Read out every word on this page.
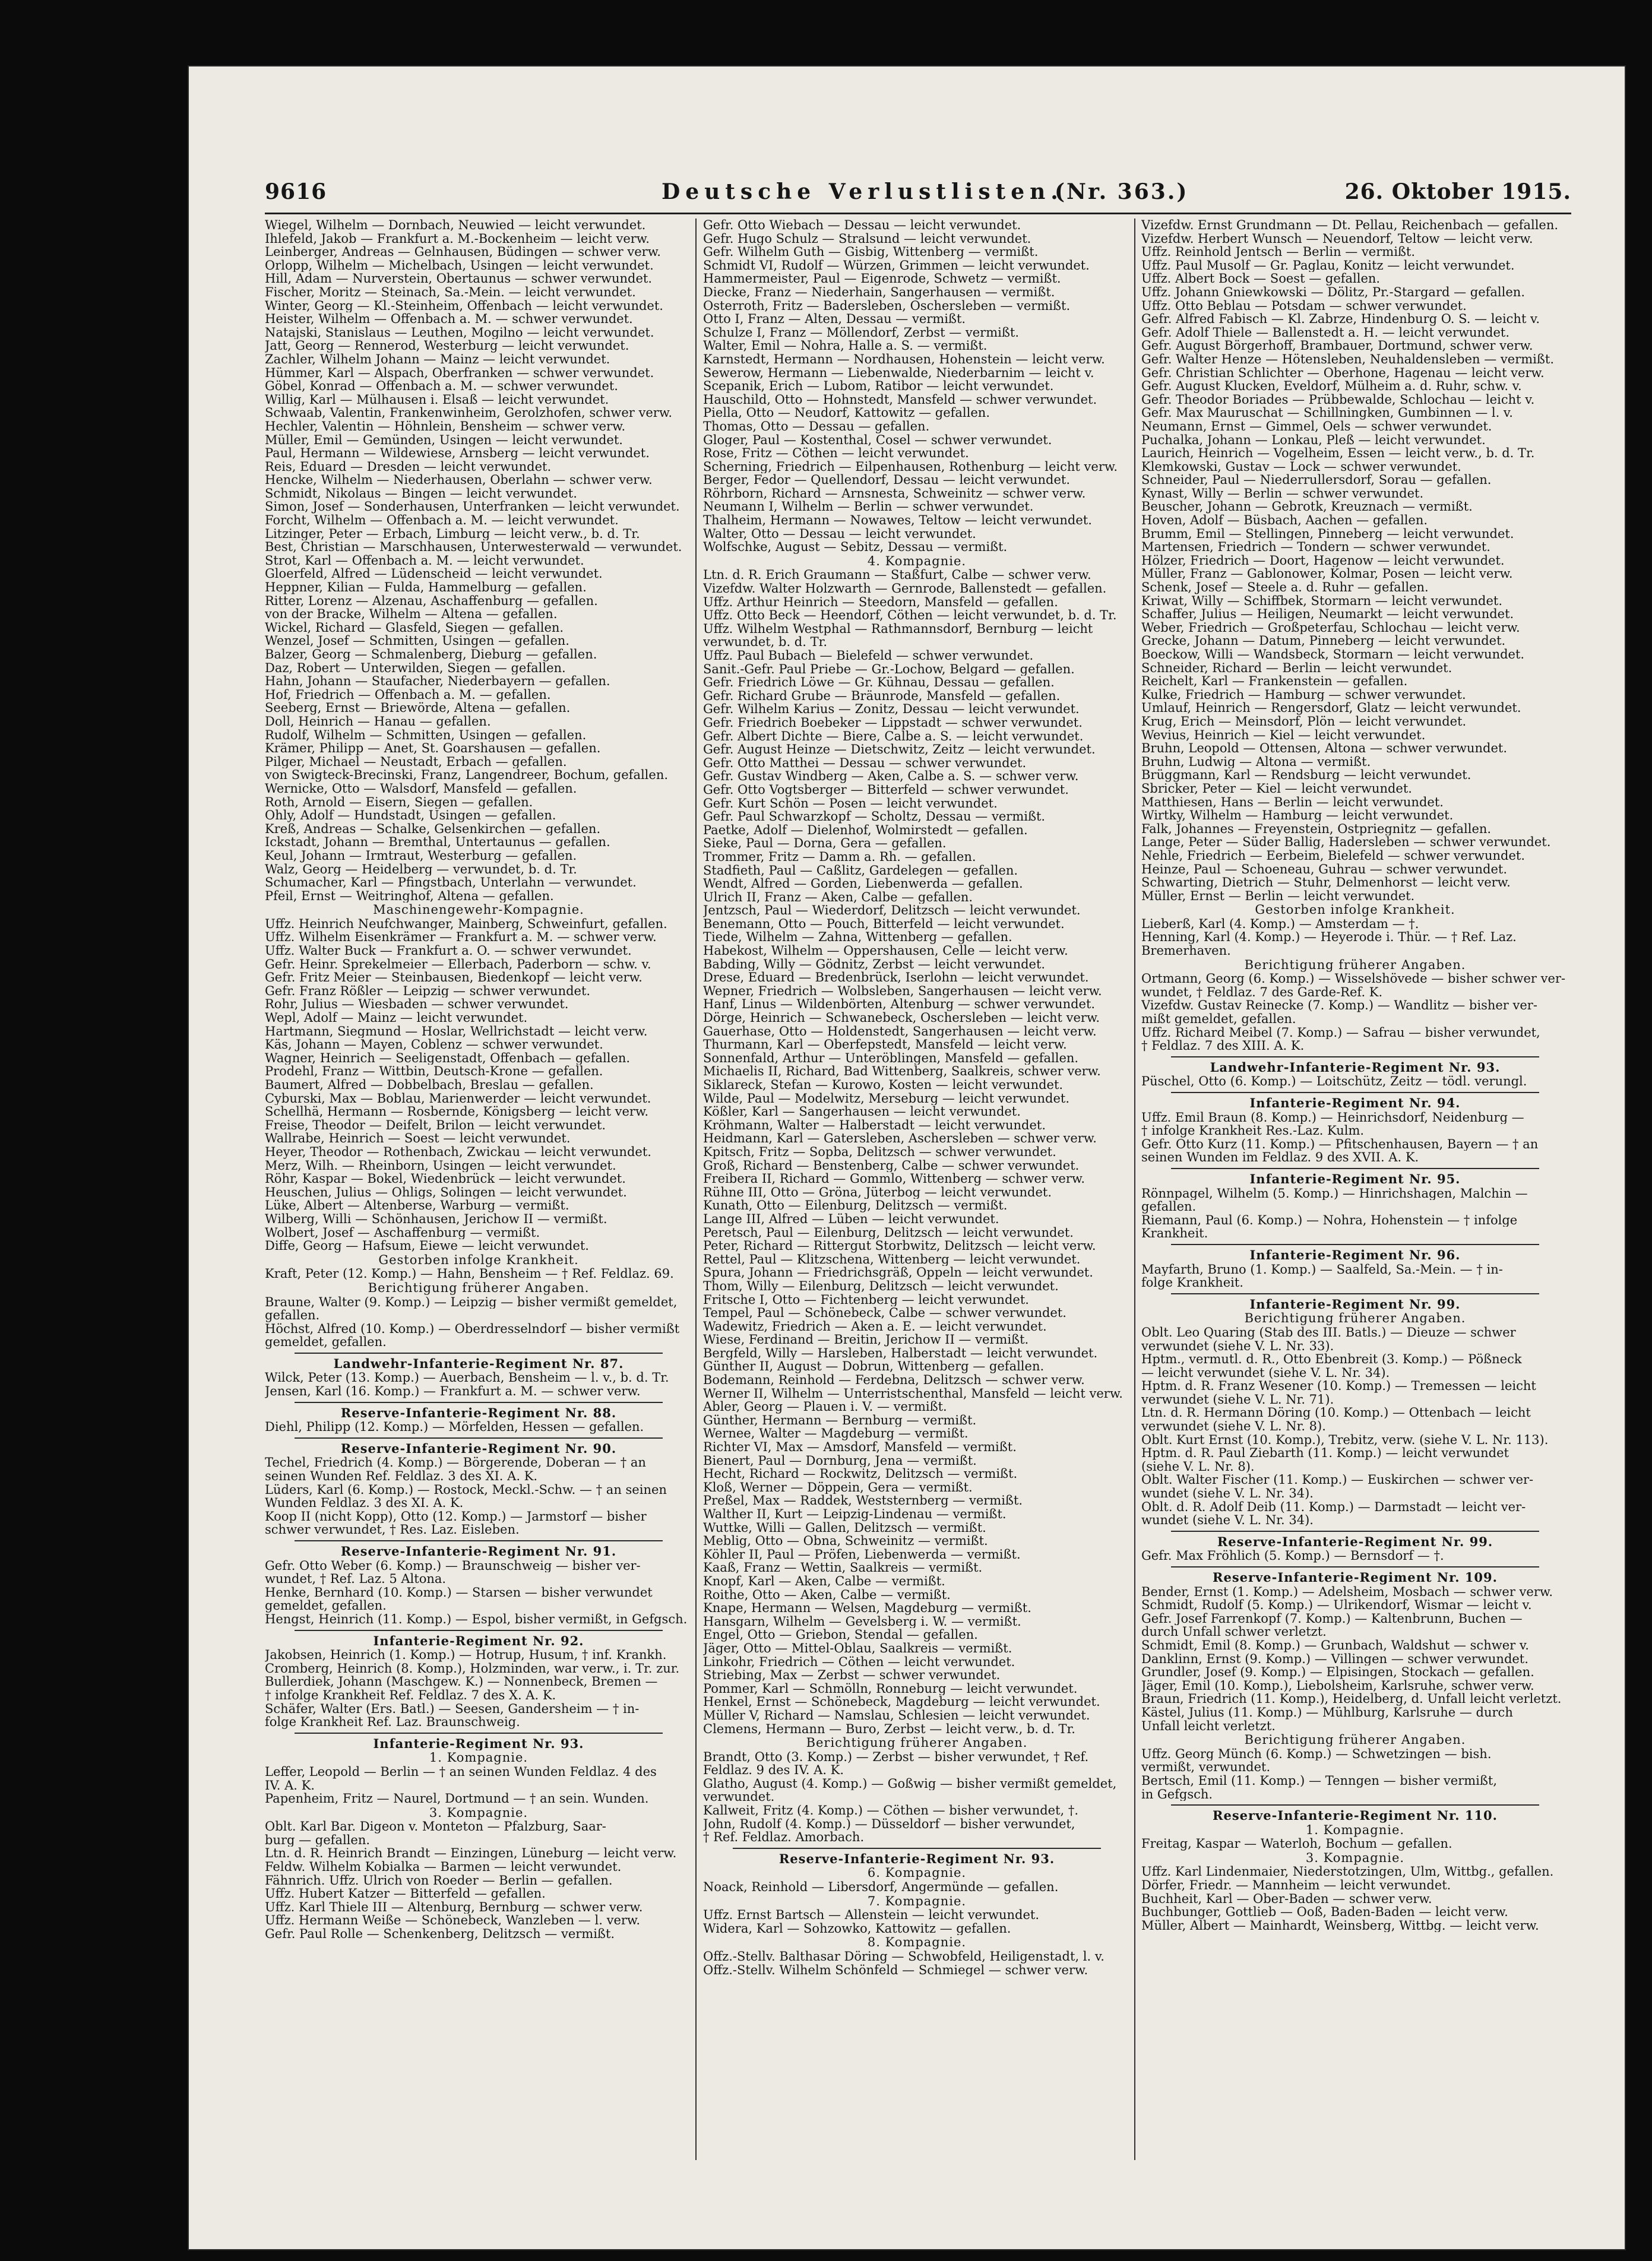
9616	Deutsche Verlustlisten.
(Nr. 363.)	26. Oktober 1915.
Wiegel, Wilhelm — Dornbach, Neuwied — leicht verwundet.
Ihlefeld, Jakob — Frankfurt a. M.-Bockenheim — leicht verw.
Leinberger, Andreas — Gelnhausen, Büdingen — schwer verw.
Orlopp, Wilhelm — Michelbach, Usingen — leicht verwundet.
Hill, Adam — Nurverstein, Obertaunus — schwer verwundet.
Fischer, Moritz — Steinach, Sa.-Mein. — leicht verwundet.
Winter, Georg — Kl.-Steinheim, Offenbach — leicht verwundet.
Heister, Wilhelm — Offenbach a. M. — schwer verwundet.
Natajski, Stanislaus — Leuthen, Mogilno — leicht verwundet.
Jatt, Georg — Rennerod, Westerburg — leicht verwundet.
Zachler, Wilhelm Johann — Mainz — leicht verwundet.
Hümmer, Karl — Alspach, Oberfranken — schwer verwundet.
Göbel, Konrad — Offenbach a. M. — schwer verwundet.
Willig, Karl — Mülhausen i. Elsaß — leicht verwundet.
Schwaab, Valentin, Frankenwinheim, Gerolzhofen, schwer verw.
Hechler, Valentin — Höhnlein, Bensheim — schwer verw.
Müller, Emil — Gemünden, Usingen — leicht verwundet.
Paul, Hermann — Wildewiese, Arnsberg — leicht verwundet.
Reis, Eduard — Dresden — leicht verwundet.
Hencke, Wilhelm — Niederhausen, Oberlahn — schwer verw.
Schmidt, Nikolaus — Bingen — leicht verwundet.
Simon, Josef — Sonderhausen, Unterfranken — leicht verwundet.
Forcht, Wilhelm — Offenbach a. M. — leicht verwundet.
Litzinger, Peter — Erbach, Limburg — leicht verw., b. d. Tr.
Best, Christian — Marschhausen, Unterwesterwald — verwundet.
Strot, Karl — Offenbach a. M. — leicht verwundet.
Gloerfeld, Alfred — Lüdenscheid — leicht verwundet.
Heppner, Kilian — Fulda, Hammelburg — gefallen.
Ritter, Lorenz — Alzenau, Aschaffenburg — gefallen.
von der Bracke, Wilhelm — Altena — gefallen.
Wickel, Richard — Glasfeld, Siegen — gefallen.
Wenzel, Josef — Schmitten, Usingen — gefallen.
Balzer, Georg — Schmalenberg, Dieburg — gefallen.
Daz, Robert — Unterwilden, Siegen — gefallen.
Hahn, Johann — Staufacher, Niederbayern — gefallen.
Hof, Friedrich — Offenbach a. M. — gefallen.
Seeberg, Ernst — Briewörde, Altena — gefallen.
Doll, Heinrich — Hanau — gefallen.
Rudolf, Wilhelm — Schmitten, Usingen — gefallen.
Krämer, Philipp — Anet, St. Goarshausen — gefallen.
Pilger, Michael — Neustadt, Erbach — gefallen.
von Swigteck-Brecinski, Franz, Langendreer, Bochum, gefallen.
Wernicke, Otto — Walsdorf, Mansfeld — gefallen.
Roth, Arnold — Eisern, Siegen — gefallen.
Ohly, Adolf — Hundstadt, Usingen — gefallen.
Kreß, Andreas — Schalke, Gelsenkirchen — gefallen.
Ickstadt, Johann — Bremthal, Untertaunus — gefallen.
Keul, Johann — Irmtraut, Westerburg — gefallen.
Walz, Georg — Heidelberg — verwundet, b. d. Tr.
Schumacher, Karl — Pfingstbach, Unterlahn — verwundet.
Pfeil, Ernst — Weitringhof, Altena — gefallen.
Maschinengewehr-Kompagnie.
Uffz. Heinrich Neufchwanger, Mainberg, Schweinfurt, gefallen.
Uffz. Wilhelm Eisenkrämer — Frankfurt a. M. — schwer verw.
Uffz. Walter Buck — Frankfurt a. O. — schwer verwundet.
Gefr. Heinr. Sprekelmeier — Ellerbach, Paderborn — schw. v.
Gefr. Fritz Meier — Steinbausen, Biedenkopf — leicht verw.
Gefr. Franz Rößler — Leipzig — schwer verwundet.
Rohr, Julius — Wiesbaden — schwer verwundet.
Wepl, Adolf — Mainz — leicht verwundet.
Hartmann, Siegmund — Hoslar, Wellrichstadt — leicht verw.
Käs, Johann — Mayen, Coblenz — schwer verwundet.
Wagner, Heinrich — Seeligenstadt, Offenbach — gefallen.
Prodehl, Franz — Wittbin, Deutsch-Krone — gefallen.
Baumert, Alfred — Dobbelbach, Breslau — gefallen.
Cyburski, Max — Boblau, Marienwerder — leicht verwundet.
Schellhä, Hermann — Rosbernde, Königsberg — leicht verw.
Freise, Theodor — Deifelt, Brilon — leicht verwundet.
Wallrabe, Heinrich — Soest — leicht verwundet.
Heyer, Theodor — Rothenbach, Zwickau — leicht verwundet.
Merz, Wilh. — Rheinborn, Usingen — leicht verwundet.
Röhr, Kaspar — Bokel, Wiedenbrück — leicht verwundet.
Heuschen, Julius — Ohligs, Solingen — leicht verwundet.
Lüke, Albert — Altenberse, Warburg — vermißt.
Wilberg, Willi — Schönhausen, Jerichow II — vermißt.
Wolbert, Josef — Aschaffenburg — vermißt.
Diffe, Georg — Hafsum, Eiewe — leicht verwundet.
Gestorben infolge Krankheit.
Kraft, Peter (12. Komp.) — Hahn, Bensheim — † Ref. Feldlaz. 69.
Berichtigung früherer Angaben.
Braune, Walter (9. Komp.) — Leipzig — bisher vermißt gemeldet,
gefallen.
Höchst, Alfred (10. Komp.) — Oberdresselndorf — bisher vermißt
gemeldet, gefallen.
Landwehr-Infanterie-Regiment Nr. 87.
Wilck, Peter (13. Komp.) — Auerbach, Bensheim — l. v., b. d. Tr.
Jensen, Karl (16. Komp.) — Frankfurt a. M. — schwer verw.
Reserve-Infanterie-Regiment Nr. 88.
Diehl, Philipp (12. Komp.) — Mörfelden, Hessen — gefallen.
Reserve-Infanterie-Regiment Nr. 90.
Techel, Friedrich (4. Komp.) — Börgerende, Doberan — † an
seinen Wunden Ref. Feldlaz. 3 des XI. A. K.
Lüders, Karl (6. Komp.) — Rostock, Meckl.-Schw. — † an seinen
Wunden Feldlaz. 3 des XI. A. K.
Koop II (nicht Kopp), Otto (12. Komp.) — Jarmstorf — bisher
schwer verwundet, † Res. Laz. Eisleben.
Reserve-Infanterie-Regiment Nr. 91.
Gefr. Otto Weber (6. Komp.) — Braunschweig — bisher ver-
wundet, † Ref. Laz. 5 Altona.
Henke, Bernhard (10. Komp.) — Starsen — bisher verwundet
gemeldet, gefallen.
Hengst, Heinrich (11. Komp.) — Espol, bisher vermißt, in Gefgsch.
Infanterie-Regiment Nr. 92.
Jakobsen, Heinrich (1. Komp.) — Hotrup, Husum, † inf. Krankh.
Cromberg, Heinrich (8. Komp.), Holzminden, war verw., i. Tr. zur.
Bullerdiek, Johann (Maschgew. K.) — Nonnenbeck, Bremen —
† infolge Krankheit Ref. Feldlaz. 7 des X. A. K.
Schäfer, Walter (Ers. Batl.) — Seesen, Gandersheim — † in-
folge Krankheit Ref. Laz. Braunschweig.
Infanterie-Regiment Nr. 93.
1. Kompagnie.
Leffer, Leopold — Berlin — † an seinen Wunden Feldlaz. 4 des
IV. A. K.
Papenheim, Fritz — Naurel, Dortmund — † an sein. Wunden.
3. Kompagnie.
Oblt. Karl Bar. Digeon v. Monteton — Pfalzburg, Saar-
burg — gefallen.
Ltn. d. R. Heinrich Brandt — Einzingen, Lüneburg — leicht verw.
Feldw. Wilhelm Kobialka — Barmen — leicht verwundet.
Fähnrich. Uffz. Ulrich von Roeder — Berlin — gefallen.
Uffz. Hubert Katzer — Bitterfeld — gefallen.
Uffz. Karl Thiele III — Altenburg, Bernburg — schwer verw.
Uffz. Hermann Weiße — Schönebeck, Wanzleben — l. verw.
Gefr. Paul Rolle — Schenkenberg, Delitzsch — vermißt.
Gefr. Otto Wiebach — Dessau — leicht verwundet.
Gefr. Hugo Schulz — Stralsund — leicht verwundet.
Gefr. Wilhelm Guth — Gisbig, Wittenberg — vermißt.
Schmidt VI, Rudolf — Würzen, Grimmen — leicht verwundet.
Hammermeister, Paul — Eigenrode, Schwetz — vermißt.
Diecke, Franz — Niederhain, Sangerhausen — vermißt.
Osterroth, Fritz — Badersleben, Oschersleben — vermißt.
Otto I, Franz — Alten, Dessau — vermißt.
Schulze I, Franz — Möllendorf, Zerbst — vermißt.
Walter, Emil — Nohra, Halle a. S. — vermißt.
Karnstedt, Hermann — Nordhausen, Hohenstein — leicht verw.
Sewerow, Hermann — Liebenwalde, Niederbarnim — leicht v.
Scepanik, Erich — Lubom, Ratibor — leicht verwundet.
Hauschild, Otto — Hohnstedt, Mansfeld — schwer verwundet.
Piella, Otto — Neudorf, Kattowitz — gefallen.
Thomas, Otto — Dessau — gefallen.
Gloger, Paul — Kostenthal, Cosel — schwer verwundet.
Rose, Fritz — Cöthen — leicht verwundet.
Scherning, Friedrich — Eilpenhausen, Rothenburg — leicht verw.
Berger, Fedor — Quellendorf, Dessau — leicht verwundet.
Röhrborn, Richard — Arnsnesta, Schweinitz — schwer verw.
Neumann I, Wilhelm — Berlin — schwer verwundet.
Thalheim, Hermann — Nowawes, Teltow — leicht verwundet.
Walter, Otto — Dessau — leicht verwundet.
Wolfschke, August — Sebitz, Dessau — vermißt.
4. Kompagnie.
Ltn. d. R. Erich Graumann — Staßfurt, Calbe — schwer verw.
Vizefdw. Walter Holzwarth — Gernrode, Ballenstedt — gefallen.
Uffz. Arthur Heinrich — Steedorn, Mansfeld — gefallen.
Uffz. Otto Beck — Heendorf, Cöthen — leicht verwundet, b. d. Tr.
Uffz. Wilhelm Westphal — Rathmannsdorf, Bernburg — leicht
verwundet, b. d. Tr.
Uffz. Paul Bubach — Bielefeld — schwer verwundet.
Sanit.-Gefr. Paul Priebe — Gr.-Lochow, Belgard — gefallen.
Gefr. Friedrich Löwe — Gr. Kühnau, Dessau — gefallen.
Gefr. Richard Grube — Bräunrode, Mansfeld — gefallen.
Gefr. Wilhelm Karius — Zonitz, Dessau — leicht verwundet.
Gefr. Friedrich Boebeker — Lippstadt — schwer verwundet.
Gefr. Albert Dichte — Biere, Calbe a. S. — leicht verwundet.
Gefr. August Heinze — Dietschwitz, Zeitz — leicht verwundet.
Gefr. Otto Matthei — Dessau — schwer verwundet.
Gefr. Gustav Windberg — Aken, Calbe a. S. — schwer verw.
Gefr. Otto Vogtsberger — Bitterfeld — schwer verwundet.
Gefr. Kurt Schön — Posen — leicht verwundet.
Gefr. Paul Schwarzkopf — Scholtz, Dessau — vermißt.
Paetke, Adolf — Dielenhof, Wolmirstedt — gefallen.
Sieke, Paul — Dorna, Gera — gefallen.
Trommer, Fritz — Damm a. Rh. — gefallen.
Stadfieth, Paul — Caßlitz, Gardelegen — gefallen.
Wendt, Alfred — Gorden, Liebenwerda — gefallen.
Ulrich II, Franz — Aken, Calbe — gefallen.
Jentzsch, Paul — Wiederdorf, Delitzsch — leicht verwundet.
Benemann, Otto — Pouch, Bitterfeld — leicht verwundet.
Tiede, Wilhelm — Zahna, Wittenberg — gefallen.
Habekost, Wilhelm — Oppershausen, Celle — leicht verw.
Babding, Willy — Gödnitz, Zerbst — leicht verwundet.
Drese, Eduard — Bredenbrück, Iserlohn — leicht verwundet.
Wepner, Friedrich — Wolbsleben, Sangerhausen — leicht verw.
Hanf, Linus — Wildenbörten, Altenburg — schwer verwundet.
Dörge, Heinrich — Schwanebeck, Oschersleben — leicht verw.
Gauerhase, Otto — Holdenstedt, Sangerhausen — leicht verw.
Thurmann, Karl — Oberfepstedt, Mansfeld — leicht verw.
Sonnenfald, Arthur — Unteröblingen, Mansfeld — gefallen.
Michaelis II, Richard, Bad Wittenberg, Saalkreis, schwer verw.
Siklareck, Stefan — Kurowo, Kosten — leicht verwundet.
Wilde, Paul — Modelwitz, Merseburg — leicht verwundet.
Kößler, Karl — Sangerhausen — leicht verwundet.
Kröhmann, Walter — Halberstadt — leicht verwundet.
Heidmann, Karl — Gatersleben, Aschersleben — schwer verw.
Kpitsch, Fritz — Sopba, Delitzsch — schwer verwundet.
Groß, Richard — Benstenberg, Calbe — schwer verwundet.
Freibera II, Richard — Gommlo, Wittenberg — schwer verw.
Rühne III, Otto — Gröna, Jüterbog — leicht verwundet.
Kunath, Otto — Eilenburg, Delitzsch — vermißt.
Lange III, Alfred — Lüben — leicht verwundet.
Peretsch, Paul — Eilenburg, Delitzsch — leicht verwundet.
Peter, Richard — Rittergut Storbwitz, Delitzsch — leicht verw.
Rettel, Paul — Klitzschena, Wittenberg — leicht verwundet.
Spura, Johann — Friedrichsgräß, Oppeln — leicht verwundet.
Thom, Willy — Eilenburg, Delitzsch — leicht verwundet.
Fritsche I, Otto — Fichtenberg — leicht verwundet.
Tempel, Paul — Schönebeck, Calbe — schwer verwundet.
Wadewitz, Friedrich — Aken a. E. — leicht verwundet.
Wiese, Ferdinand — Breitin, Jerichow II — vermißt.
Bergfeld, Willy — Harsleben, Halberstadt — leicht verwundet.
Günther II, August — Dobrun, Wittenberg — gefallen.
Bodemann, Reinhold — Ferdebna, Delitzsch — schwer verw.
Werner II, Wilhelm — Unterristschenthal, Mansfeld — leicht verw.
Abler, Georg — Plauen i. V. — vermißt.
Günther, Hermann — Bernburg — vermißt.
Wernee, Walter — Magdeburg — vermißt.
Richter VI, Max — Amsdorf, Mansfeld — vermißt.
Bienert, Paul — Dornburg, Jena — vermißt.
Hecht, Richard — Rockwitz, Delitzsch — vermißt.
Kloß, Werner — Döppein, Gera — vermißt.
Preßel, Max — Raddek, Weststernberg — vermißt.
Walther II, Kurt — Leipzig-Lindenau — vermißt.
Wuttke, Willi — Gallen, Delitzsch — vermißt.
Meblig, Otto — Obna, Schweinitz — vermißt.
Köhler II, Paul — Pröfen, Liebenwerda — vermißt.
Kaaß, Franz — Wettin, Saalkreis — vermißt.
Knopf, Karl — Aken, Calbe — vermißt.
Roithe, Otto — Aken, Calbe — vermißt.
Knape, Hermann — Welsen, Magdeburg — vermißt.
Hansgarn, Wilhelm — Gevelsberg i. W. — vermißt.
Engel, Otto — Griebon, Stendal — gefallen.
Jäger, Otto — Mittel-Oblau, Saalkreis — vermißt.
Linkohr, Friedrich — Cöthen — leicht verwundet.
Striebing, Max — Zerbst — schwer verwundet.
Pommer, Karl — Schmölln, Ronneburg — leicht verwundet.
Henkel, Ernst — Schönebeck, Magdeburg — leicht verwundet.
Müller V, Richard — Namslau, Schlesien — leicht verwundet.
Clemens, Hermann — Buro, Zerbst — leicht verw., b. d. Tr.
Berichtigung früherer Angaben.
Brandt, Otto (3. Komp.) — Zerbst — bisher verwundet, † Ref.
Feldlaz. 9 des IV. A. K.
Glatho, August (4. Komp.) — Goßwig — bisher vermißt gemeldet,
verwundet.
Kallweit, Fritz (4. Komp.) — Cöthen — bisher verwundet, †.
John, Rudolf (4. Komp.) — Düsseldorf — bisher verwundet,
† Ref. Feldlaz. Amorbach.
Reserve-Infanterie-Regiment Nr. 93.
6. Kompagnie.
Noack, Reinhold — Libersdorf, Angermünde — gefallen.
7. Kompagnie.
Uffz. Ernst Bartsch — Allenstein — leicht verwundet.
Widera, Karl — Sohzowko, Kattowitz — gefallen.
8. Kompagnie.
Offz.-Stellv. Balthasar Döring — Schwobfeld, Heiligenstadt, l. v.
Offz.-Stellv. Wilhelm Schönfeld — Schmiegel — schwer verw.
Vizefdw. Ernst Grundmann — Dt. Pellau, Reichenbach — gefallen.
Vizefdw. Herbert Wunsch — Neuendorf, Teltow — leicht verw.
Uffz. Reinhold Jentsch — Berlin — vermißt.
Uffz. Paul Musolf — Gr. Paglau, Konitz — leicht verwundet.
Uffz. Albert Bock — Soest — gefallen.
Uffz. Johann Gniewkowski — Dölitz, Pr.-Stargard — gefallen.
Uffz. Otto Beblau — Potsdam — schwer verwundet.
Gefr. Alfred Fabisch — Kl. Zabrze, Hindenburg O. S. — leicht v.
Gefr. Adolf Thiele — Ballenstedt a. H. — leicht verwundet.
Gefr. August Börgerhoff, Brambauer, Dortmund, schwer verw.
Gefr. Walter Henze — Hötensleben, Neuhaldensleben — vermißt.
Gefr. Christian Schlichter — Oberhone, Hagenau — leicht verw.
Gefr. August Klucken, Eveldorf, Mülheim a. d. Ruhr, schw. v.
Gefr. Theodor Boriades — Prübbewalde, Schlochau — leicht v.
Gefr. Max Mauruschat — Schillningken, Gumbinnen — l. v.
Neumann, Ernst — Gimmel, Oels — schwer verwundet.
Puchalka, Johann — Lonkau, Pleß — leicht verwundet.
Laurich, Heinrich — Vogelheim, Essen — leicht verw., b. d. Tr.
Klemkowski, Gustav — Lock — schwer verwundet.
Schneider, Paul — Niederrullersdorf, Sorau — gefallen.
Kynast, Willy — Berlin — schwer verwundet.
Beuscher, Johann — Gebrotk, Kreuznach — vermißt.
Hoven, Adolf — Büsbach, Aachen — gefallen.
Brumm, Emil — Stellingen, Pinneberg — leicht verwundet.
Martensen, Friedrich — Tondern — schwer verwundet.
Hölzer, Friedrich — Doort, Hagenow — leicht verwundet.
Müller, Franz — Gablonower, Kolmar, Posen — leicht verw.
Schenk, Josef — Steele a. d. Ruhr — gefallen.
Kriwat, Willy — Schiffbek, Stormarn — leicht verwundet.
Schaffer, Julius — Heiligen, Neumarkt — leicht verwundet.
Weber, Friedrich — Großpeterfau, Schlochau — leicht verw.
Grecke, Johann — Datum, Pinneberg — leicht verwundet.
Boeckow, Willi — Wandsbeck, Stormarn — leicht verwundet.
Schneider, Richard — Berlin — leicht verwundet.
Reichelt, Karl — Frankenstein — gefallen.
Kulke, Friedrich — Hamburg — schwer verwundet.
Umlauf, Heinrich — Rengersdorf, Glatz — leicht verwundet.
Krug, Erich — Meinsdorf, Plön — leicht verwundet.
Wevius, Heinrich — Kiel — leicht verwundet.
Bruhn, Leopold — Ottensen, Altona — schwer verwundet.
Bruhn, Ludwig — Altona — vermißt.
Brüggmann, Karl — Rendsburg — leicht verwundet.
Sbricker, Peter — Kiel — leicht verwundet.
Matthiesen, Hans — Berlin — leicht verwundet.
Wirtky, Wilhelm — Hamburg — leicht verwundet.
Falk, Johannes — Freyenstein, Ostpriegnitz — gefallen.
Lange, Peter — Süder Ballig, Hadersleben — schwer verwundet.
Nehle, Friedrich — Eerbeim, Bielefeld — schwer verwundet.
Heinze, Paul — Schoeneau, Guhrau — schwer verwundet.
Schwarting, Dietrich — Stuhr, Delmenhorst — leicht verw.
Müller, Ernst — Berlin — leicht verwundet.
Gestorben infolge Krankheit.
Lieberß, Karl (4. Komp.) — Amsterdam — †.
Henning, Karl (4. Komp.) — Heyerode i. Thür. — † Ref. Laz.
Bremerhaven.
Berichtigung früherer Angaben.
Ortmann, Georg (6. Komp.) — Wisselshövede — bisher schwer ver-
wundet, † Feldlaz. 7 des Garde-Ref. K.
Vizefdw. Gustav Reinecke (7. Komp.) — Wandlitz — bisher ver-
mißt gemeldet, gefallen.
Uffz. Richard Meibel (7. Komp.) — Safrau — bisher verwundet,
† Feldlaz. 7 des XIII. A. K.
Landwehr-Infanterie-Regiment Nr. 93.
Püschel, Otto (6. Komp.) — Loitschütz, Zeitz — tödl. verungl.
Infanterie-Regiment Nr. 94.
Uffz. Emil Braun (8. Komp.) — Heinrichsdorf, Neidenburg —
† infolge Krankheit Res.-Laz. Kulm.
Gefr. Otto Kurz (11. Komp.) — Pfitschenhausen, Bayern — † an
seinen Wunden im Feldlaz. 9 des XVII. A. K.
Infanterie-Regiment Nr. 95.
Rönnpagel, Wilhelm (5. Komp.) — Hinrichshagen, Malchin —
gefallen.
Riemann, Paul (6. Komp.) — Nohra, Hohenstein — † infolge
Krankheit.
Infanterie-Regiment Nr. 96.
Mayfarth, Bruno (1. Komp.) — Saalfeld, Sa.-Mein. — † in-
folge Krankheit.
Infanterie-Regiment Nr. 99.
Berichtigung früherer Angaben.
Oblt. Leo Quaring (Stab des III. Batls.) — Dieuze — schwer
verwundet (siehe V. L. Nr. 33).
Hptm., vermutl. d. R., Otto Ebenbreit (3. Komp.) — Pößneck
— leicht verwundet (siehe V. L. Nr. 34).
Hptm. d. R. Franz Wesener (10. Komp.) — Tremessen — leicht
verwundet (siehe V. L. Nr. 71).
Ltn. d. R. Hermann Döring (10. Komp.) — Ottenbach — leicht
verwundet (siehe V. L. Nr. 8).
Oblt. Kurt Ernst (10. Komp.), Trebitz, verw. (siehe V. L. Nr. 113).
Hptm. d. R. Paul Ziebarth (11. Komp.) — leicht verwundet
(siehe V. L. Nr. 8).
Oblt. Walter Fischer (11. Komp.) — Euskirchen — schwer ver-
wundet (siehe V. L. Nr. 34).
Oblt. d. R. Adolf Deib (11. Komp.) — Darmstadt — leicht ver-
wundet (siehe V. L. Nr. 34).
Reserve-Infanterie-Regiment Nr. 99.
Gefr. Max Fröhlich (5. Komp.) — Bernsdorf — †.
Reserve-Infanterie-Regiment Nr. 109.
Bender, Ernst (1. Komp.) — Adelsheim, Mosbach — schwer verw.
Schmidt, Rudolf (5. Komp.) — Ulrikendorf, Wismar — leicht v.
Gefr. Josef Farrenkopf (7. Komp.) — Kaltenbrunn, Buchen —
durch Unfall schwer verletzt.
Schmidt, Emil (8. Komp.) — Grunbach, Waldshut — schwer v.
Danklinn, Ernst (9. Komp.) — Villingen — schwer verwundet.
Grundler, Josef (9. Komp.) — Elpisingen, Stockach — gefallen.
Jäger, Emil (10. Komp.), Liebolsheim, Karlsruhe, schwer verw.
Braun, Friedrich (11. Komp.), Heidelberg, d. Unfall leicht verletzt.
Kästel, Julius (11. Komp.) — Mühlburg, Karlsruhe — durch
Unfall leicht verletzt.
Berichtigung früherer Angaben.
Uffz. Georg Münch (6. Komp.) — Schwetzingen — bish.
vermißt, verwundet.
Bertsch, Emil (11. Komp.) — Tenngen — bisher vermißt,
in Gefgsch.
Reserve-Infanterie-Regiment Nr. 110.
1. Kompagnie.
Freitag, Kaspar — Waterloh, Bochum — gefallen.
3. Kompagnie.
Uffz. Karl Lindenmaier, Niederstotzingen, Ulm, Wittbg., gefallen.
Dörfer, Friedr. — Mannheim — leicht verwundet.
Buchheit, Karl — Ober-Baden — schwer verw.
Buchbunger, Gottlieb — Ooß, Baden-Baden — leicht verw.
Müller, Albert — Mainhardt, Weinsberg, Wittbg. — leicht verw.
